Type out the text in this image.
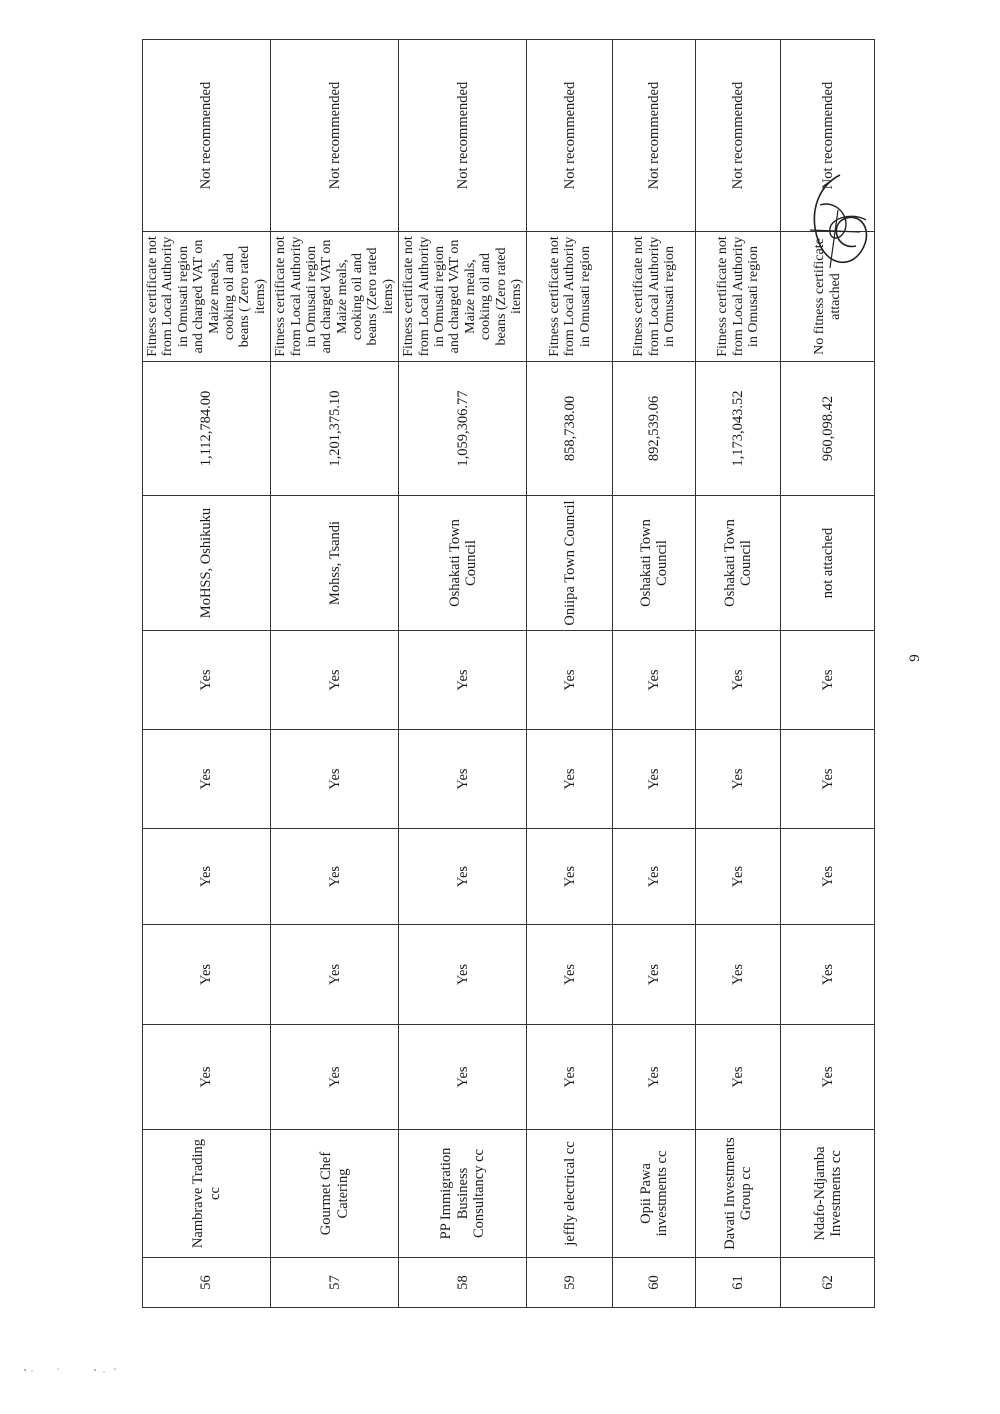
56	Nambrave Trading cc	Yes	Yes	Yes	Yes	Yes	MoHSS, Oshikuku	1,112,784.00	Fitness certificate not from Local Authority in Omusati region and charged VAT on Maize meals, cooking oil and beans ( Zero rated items)	Not recommended
57	Gourmet Chef Catering	Yes	Yes	Yes	Yes	Yes	Mohss, Tsandi	1,201,375.10	Fitness certificate not from Local Authority in Omusati region and charged VAT on Maize meals, cooking oil and beans (Zero rated items)	Not recommended
58	PP Immigration Business Consultancy cc	Yes	Yes	Yes	Yes	Yes	Oshakati Town Council	1,059,306.77	Fitness certificate not from Local Authority in Omusati region and charged VAT on Maize meals, cooking oil and beans (Zero rated items)	Not recommended
59	jeffly electrical cc	Yes	Yes	Yes	Yes	Yes	Oniipa Town Council	858,738.00	Fitness certificate not from Local Authority in Omusati region	Not recommended
60	Opii Pawa investments cc	Yes	Yes	Yes	Yes	Yes	Oshakati Town Council	892,539.06	Fitness certificate not from Local Authority in Omusati region	Not recommended
61	Davati Investments Group cc	Yes	Yes	Yes	Yes	Yes	Oshakati Town Council	1,173,043.52	Fitness certificate not from Local Authority in Omusati region	Not recommended
62	Ndafo-Ndjamba Investments cc	Yes	Yes	Yes	Yes	Yes	not attached	960,098.42	No fitness certificate attached	Not recommended
9
